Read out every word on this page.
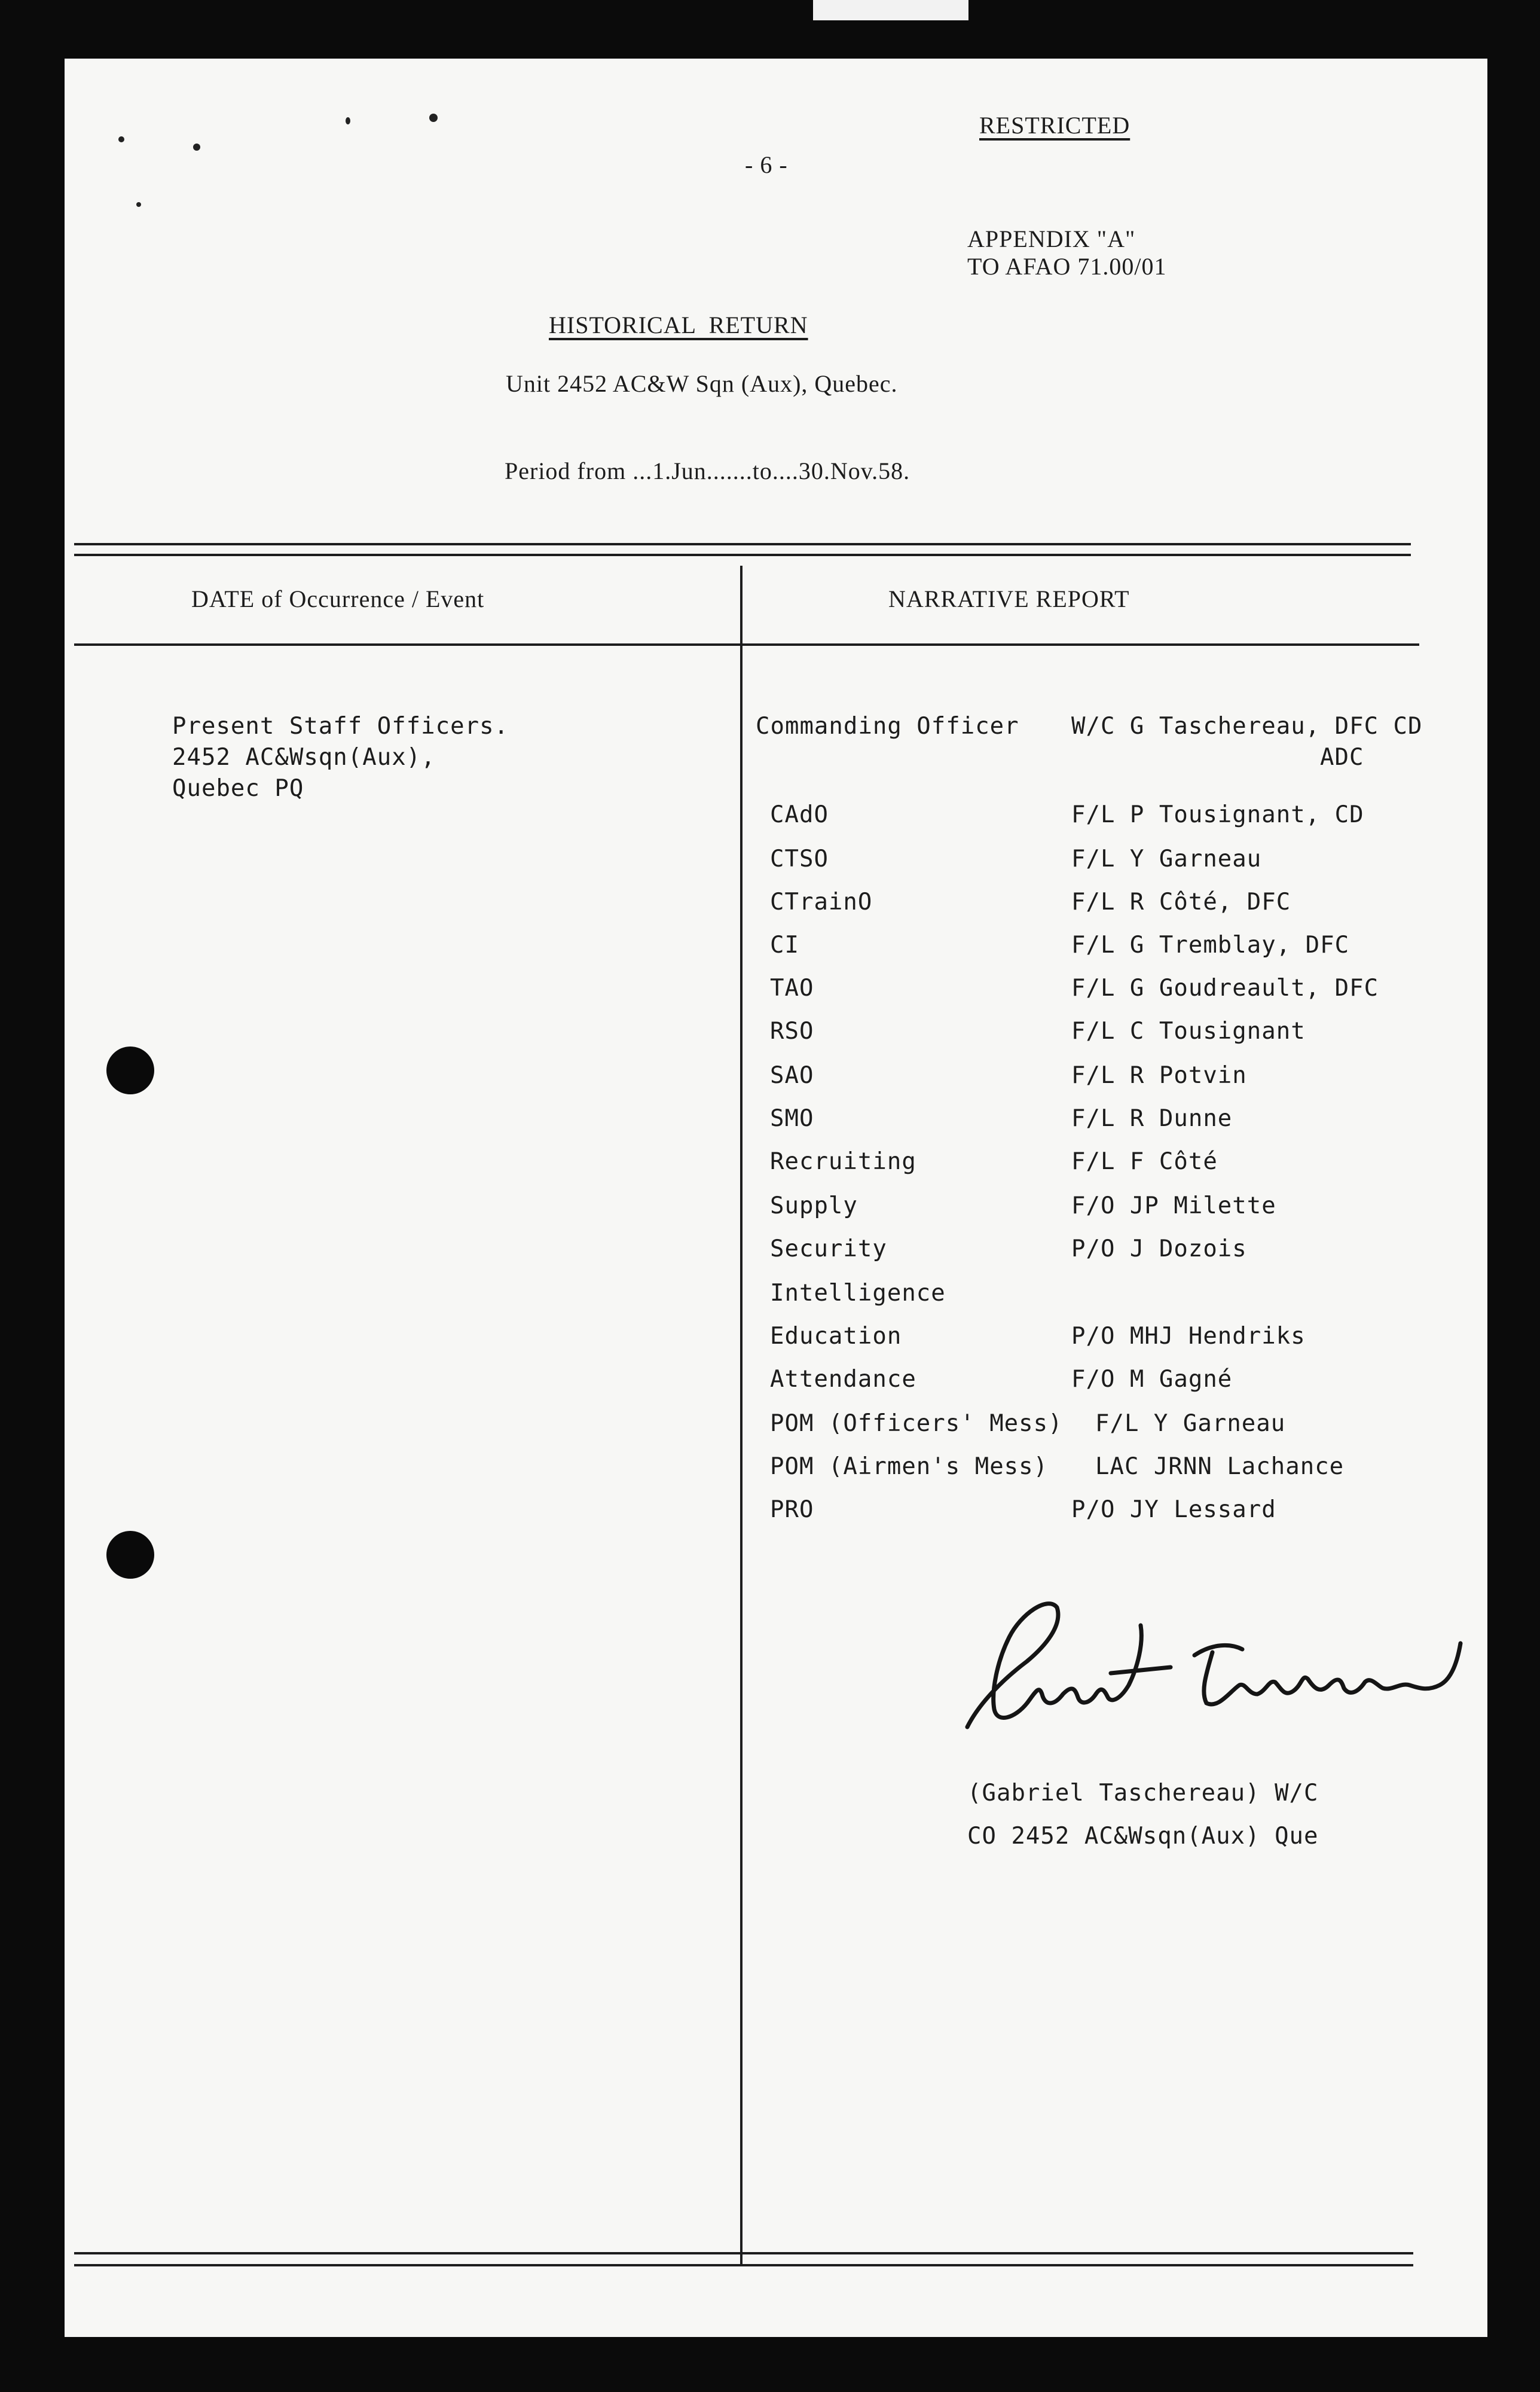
RESTRICTED
- 6 -
APPENDIX "A"
TO AFAO 71.00/01
HISTORICAL  RETURN
Unit 2452 AC&W Sqn (Aux), Quebec.
Period from ...1.Jun.......to....30.Nov.58.
DATE of Occurrence / Event	NARRATIVE REPORT
Present Staff Officers.
2452 AC&Wsqn(Aux),
Quebec PQ
Commanding Officer W/C G Taschereau, DFC CD
ADC
CAdO	F/L P Tousignant, CD
CTSO	F/L Y Garneau
CTrainO	F/L R Côté, DFC
CI	F/L G Tremblay, DFC
TAO	F/L G Goudreault, DFC
RSO	F/L C Tousignant
SAO	F/L R Potvin
SMO	F/L R Dunne
Recruiting	F/L F Côté
Supply	F/O JP Milette
Security	P/O J Dozois
Intelligence
Education	P/O MHJ Hendriks
Attendance	F/O M Gagné
POM (Officers' Mess) F/L Y Garneau
POM (Airmen's Mess) LAC JRNN Lachance
PRO	P/O JY Lessard
(Gabriel Taschereau) W/C
CO 2452 AC&Wsqn(Aux) Que
